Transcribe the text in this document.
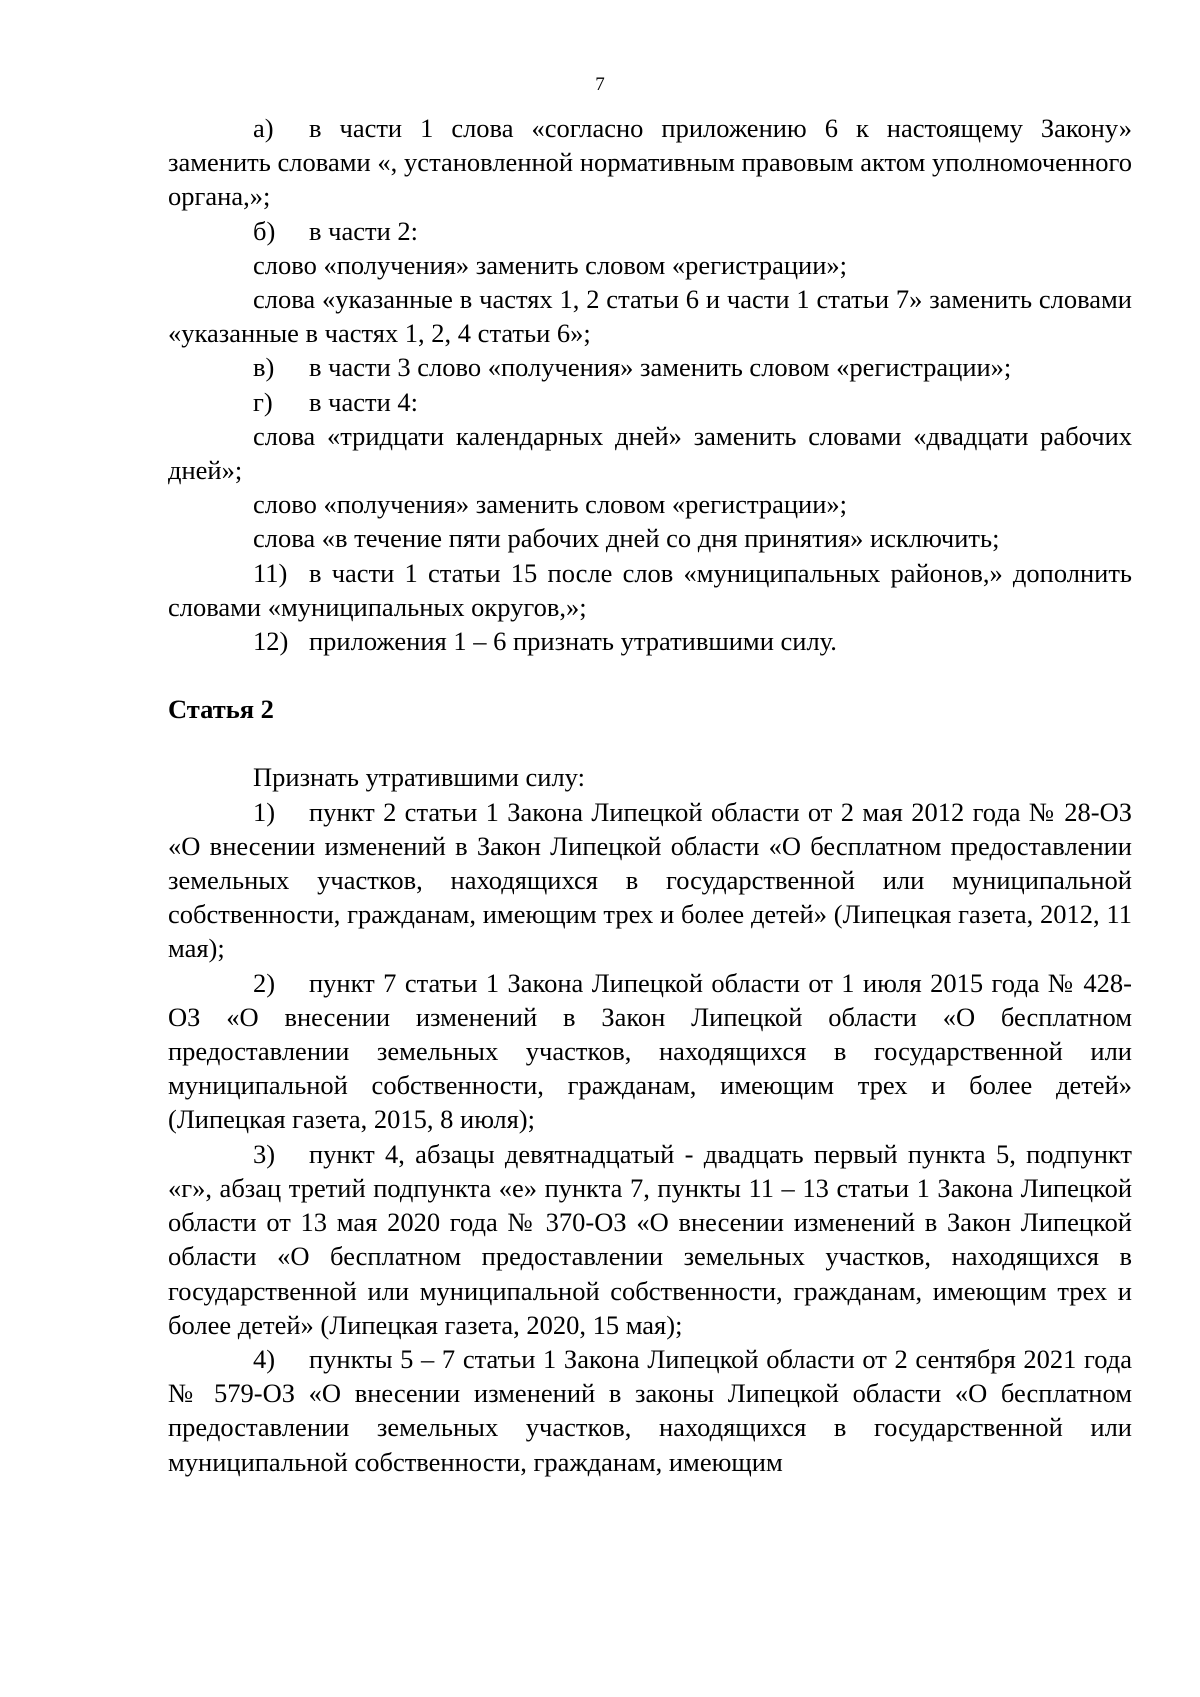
7

а) в части 1 слова «согласно приложению 6 к настоящему Закону» заменить словами «, установленной нормативным правовым актом уполномоченного органа,»;

б) в части 2:

слово «получения» заменить словом «регистрации»;

слова «указанные в частях 1, 2 статьи 6 и части 1 статьи 7» заменить словами «указанные в частях 1, 2, 4 статьи 6»;

в) в части 3 слово «получения» заменить словом «регистрации»;

г) в части 4:

слова «тридцати календарных дней» заменить словами «двадцати рабочих дней»;

слово «получения» заменить словом «регистрации»;

слова «в течение пяти рабочих дней со дня принятия» исключить;

11) в части 1 статьи 15 после слов «муниципальных районов,» дополнить словами «муниципальных округов,»;

12) приложения 1 – 6 признать утратившими силу.

Статья 2

Признать утратившими силу:

1) пункт 2 статьи 1 Закона Липецкой области от 2 мая 2012 года № 28-ОЗ «О внесении изменений в Закон Липецкой области «О бесплатном предоставлении земельных участков, находящихся в государственной или муниципальной собственности, гражданам, имеющим трех и более детей» (Липецкая газета, 2012, 11 мая);

2) пункт 7 статьи 1 Закона Липецкой области от 1 июля 2015 года № 428-ОЗ «О внесении изменений в Закон Липецкой области «О бесплатном предоставлении земельных участков, находящихся в государственной или муниципальной собственности, гражданам, имеющим трех и более детей» (Липецкая газета, 2015, 8 июля);

3) пункт 4, абзацы девятнадцатый - двадцать первый пункта 5, подпункт «г», абзац третий подпункта «е» пункта 7, пункты 11 – 13 статьи 1 Закона Липецкой области от 13 мая 2020 года № 370-ОЗ «О внесении изменений в Закон Липецкой области «О бесплатном предоставлении земельных участков, находящихся в государственной или муниципальной собственности, гражданам, имеющим трех и более детей» (Липецкая газета, 2020, 15 мая);

4) пункты 5 – 7 статьи 1 Закона Липецкой области от 2 сентября 2021 года № 579-ОЗ «О внесении изменений в законы Липецкой области «О бесплатном предоставлении земельных участков, находящихся в государственной или муниципальной собственности, гражданам, имеющим
